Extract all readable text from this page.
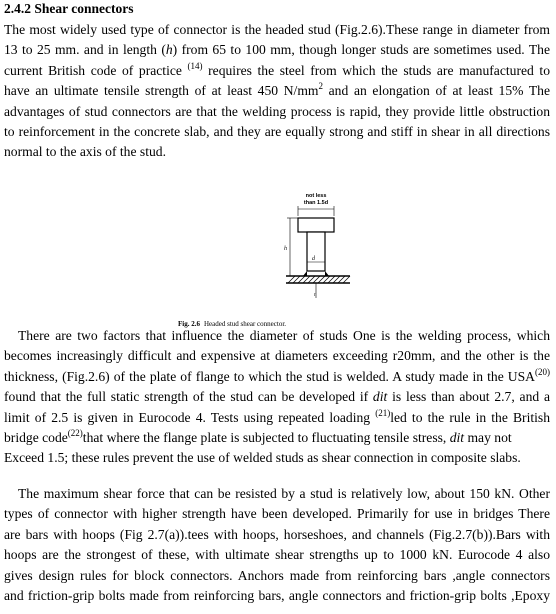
2.4.2 Shear connectors
The most widely used type of connector is the headed stud (Fig.2.6).These range in diameter from
13 to 25 mm. and in length (h) from 65 to 100 mm, though longer studs are sometimes used. The
current British code of practice $^{(14)}$ requires the steel from which the studs are manufactured to
have an ultimate tensile strength of at least 450 $N/mm^2$ and an elongation of at least 15% The
advantages of stud connectors are that the welding process is rapid, they provide little obstruction
to reinforcement in the concrete slab, and they are equally strong and stiff in shear in all directions
normal to the axis of the stud.
not less
than 1.5d
h
d
t
Fig. 2.6 Headed stud shear connector.
There are two factors that influence the diameter of studs One is the welding process, which
becomes increasingly difficult and expensive at diameters exceeding r20mm, and the other is the
thickness, (Fig.2.6) of the plate of flange to which the stud is welded. A study made in the USA$^{(20)}$
found that the full static strength of the stud can be developed if dit is less than about 2.7, and a
limit of 2.5 is given in Eurocode 4. Tests using repeated loading $^{(21)}$led to the rule in the British
bridge code$^{(22)}$that where the flange plate is subjected to fluctuating tensile stress, dit may not
Exceed 1.5; these rules prevent the use of welded studs as shear connection in composite slabs.
The maximum shear force that can be resisted by a stud is relatively low, about 150 kN. Other
types of connector with higher strength have been developed. Primarily for use in bridges There
are bars with hoops (Fig 2.7(a)).tees with hoops, horseshoes, and channels (Fig.2.7(b)).Bars with
hoops are the strongest of these, with ultimate shear strengths up to 1000 kN. Eurocode 4 also
gives design rules for block connectors. Anchors made from reinforcing bars ,angle connectors
and friction-grip bolts made from reinforcing bars, angle connectors and friction-grip bolts ,Epoxy
